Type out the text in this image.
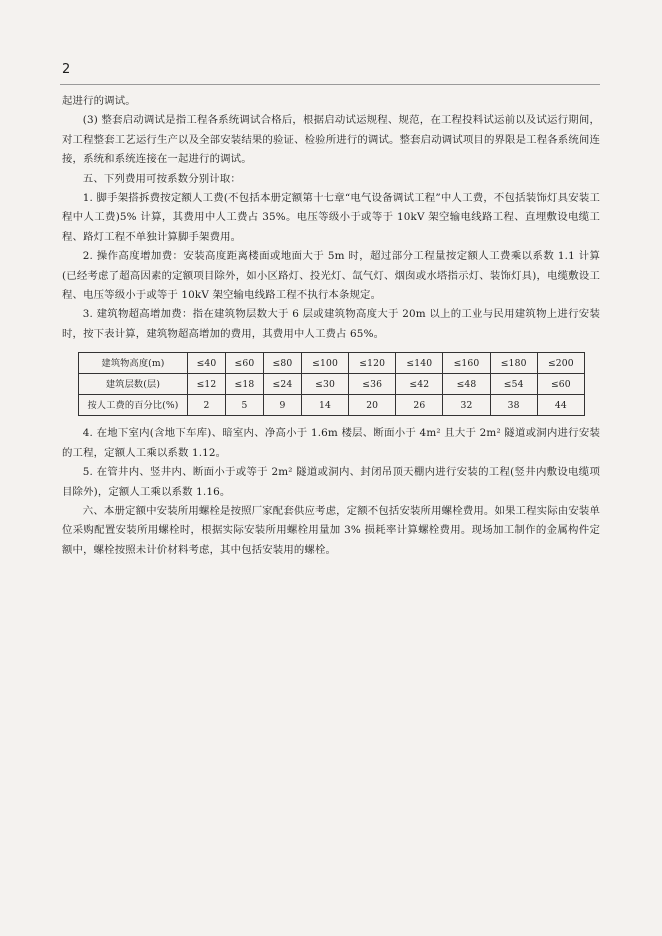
2

起进行的调试。

(3) 整套启动调试是指工程各系统调试合格后，根据启动试运规程、规范，在工程投料试运前以及试运行期间，对工程整套工艺运行生产以及全部安装结果的验证、检验所进行的调试。整套启动调试项目的界限是工程各系统间连接，系统和系统连接在一起进行的调试。

五、下列费用可按系数分别计取：

1. 脚手架搭拆费按定额人工费(不包括本册定额第十七章“电气设备调试工程”中人工费，不包括装饰灯具安装工程中人工费)5% 计算，其费用中人工费占 35%。电压等级小于或等于 10kV 架空输电线路工程、直埋敷设电缆工程、路灯工程不单独计算脚手架费用。

2. 操作高度增加费：安装高度距离楼面或地面大于 5m 时，超过部分工程量按定额人工费乘以系数 1.1 计算(已经考虑了超高因素的定额项目除外，如小区路灯、投光灯、氙气灯、烟囱或水塔指示灯、装饰灯具)，电缆敷设工程、电压等级小于或等于 10kV 架空输电线路工程不执行本条规定。

3. 建筑物超高增加费：指在建筑物层数大于 6 层或建筑物高度大于 20m 以上的工业与民用建筑物上进行安装时，按下表计算，建筑物超高增加的费用，其费用中人工费占 65%。

建筑物高度(m)	≤40	≤60	≤80	≤100	≤120	≤140	≤160	≤180	≤200
建筑层数(层)	≤12	≤18	≤24	≤30	≤36	≤42	≤48	≤54	≤60
按人工费的百分比(%)	2	5	9	14	20	26	32	38	44

4. 在地下室内(含地下车库)、暗室内、净高小于 1.6m 楼层、断面小于 4m² 且大于 2m² 隧道或洞内进行安装的工程，定额人工乘以系数 1.12。

5. 在管井内、竖井内、断面小于或等于 2m² 隧道或洞内、封闭吊顶天棚内进行安装的工程(竖井内敷设电缆项目除外)，定额人工乘以系数 1.16。

六、本册定额中安装所用螺栓是按照厂家配套供应考虑，定额不包括安装所用螺栓费用。如果工程实际由安装单位采购配置安装所用螺栓时，根据实际安装所用螺栓用量加 3% 损耗率计算螺栓费用。现场加工制作的金属构件定额中，螺栓按照未计价材料考虑，其中包括安装用的螺栓。
